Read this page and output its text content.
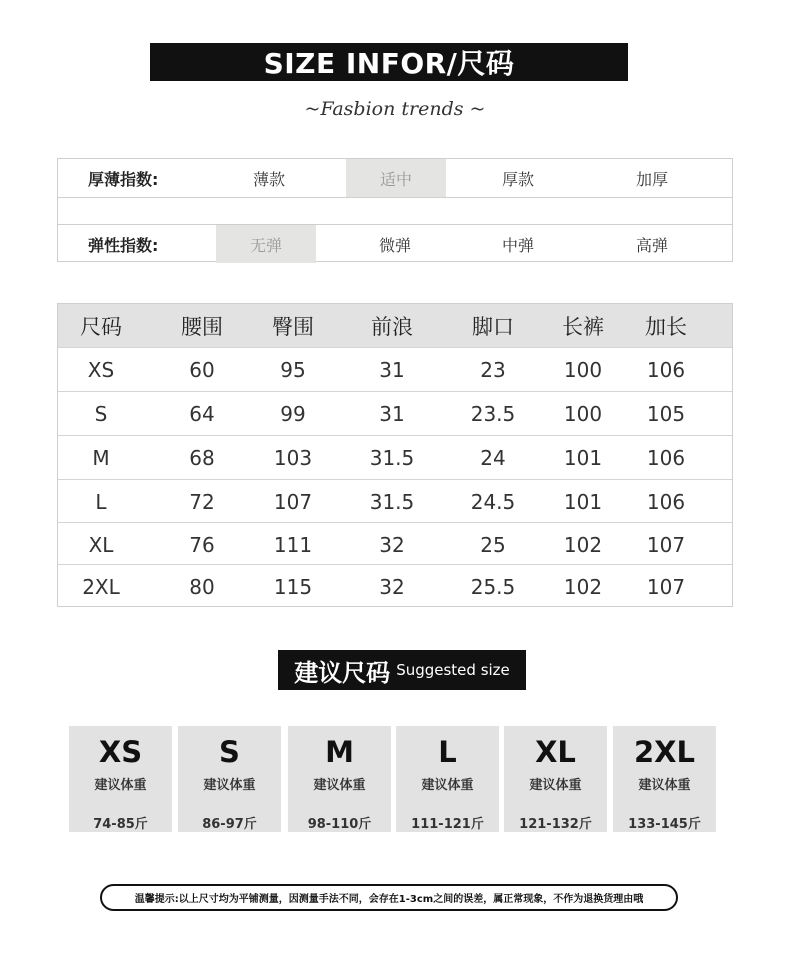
SIZE INFOR/尺码
~Fasbion trends ~
厚薄指数:	薄款	适中	厚款	加厚
弹性指数:	无弹	微弹	中弹	高弹
尺码	腰围	臀围	前浪	脚口	长裤	加长
XS	60	95	31	23	100	106
S	64	99	31	23.5	100	105
M	68	103	31.5	24	101	106
L	72	107	31.5	24.5	101	106
XL	76	111	32	25	102	107
2XL	80	115	32	25.5	102	107
建议尺码 Suggested size
XS
建议体重
74-85斤
S
建议体重
86-97斤
M
建议体重
98-110斤
L
建议体重
111-121斤
XL
建议体重
121-132斤
2XL
建议体重
133-145斤
温馨提示:以上尺寸均为平铺测量，因测量手法不同，会存在1-3cm之间的误差，属正常现象，不作为退换货理由哦
